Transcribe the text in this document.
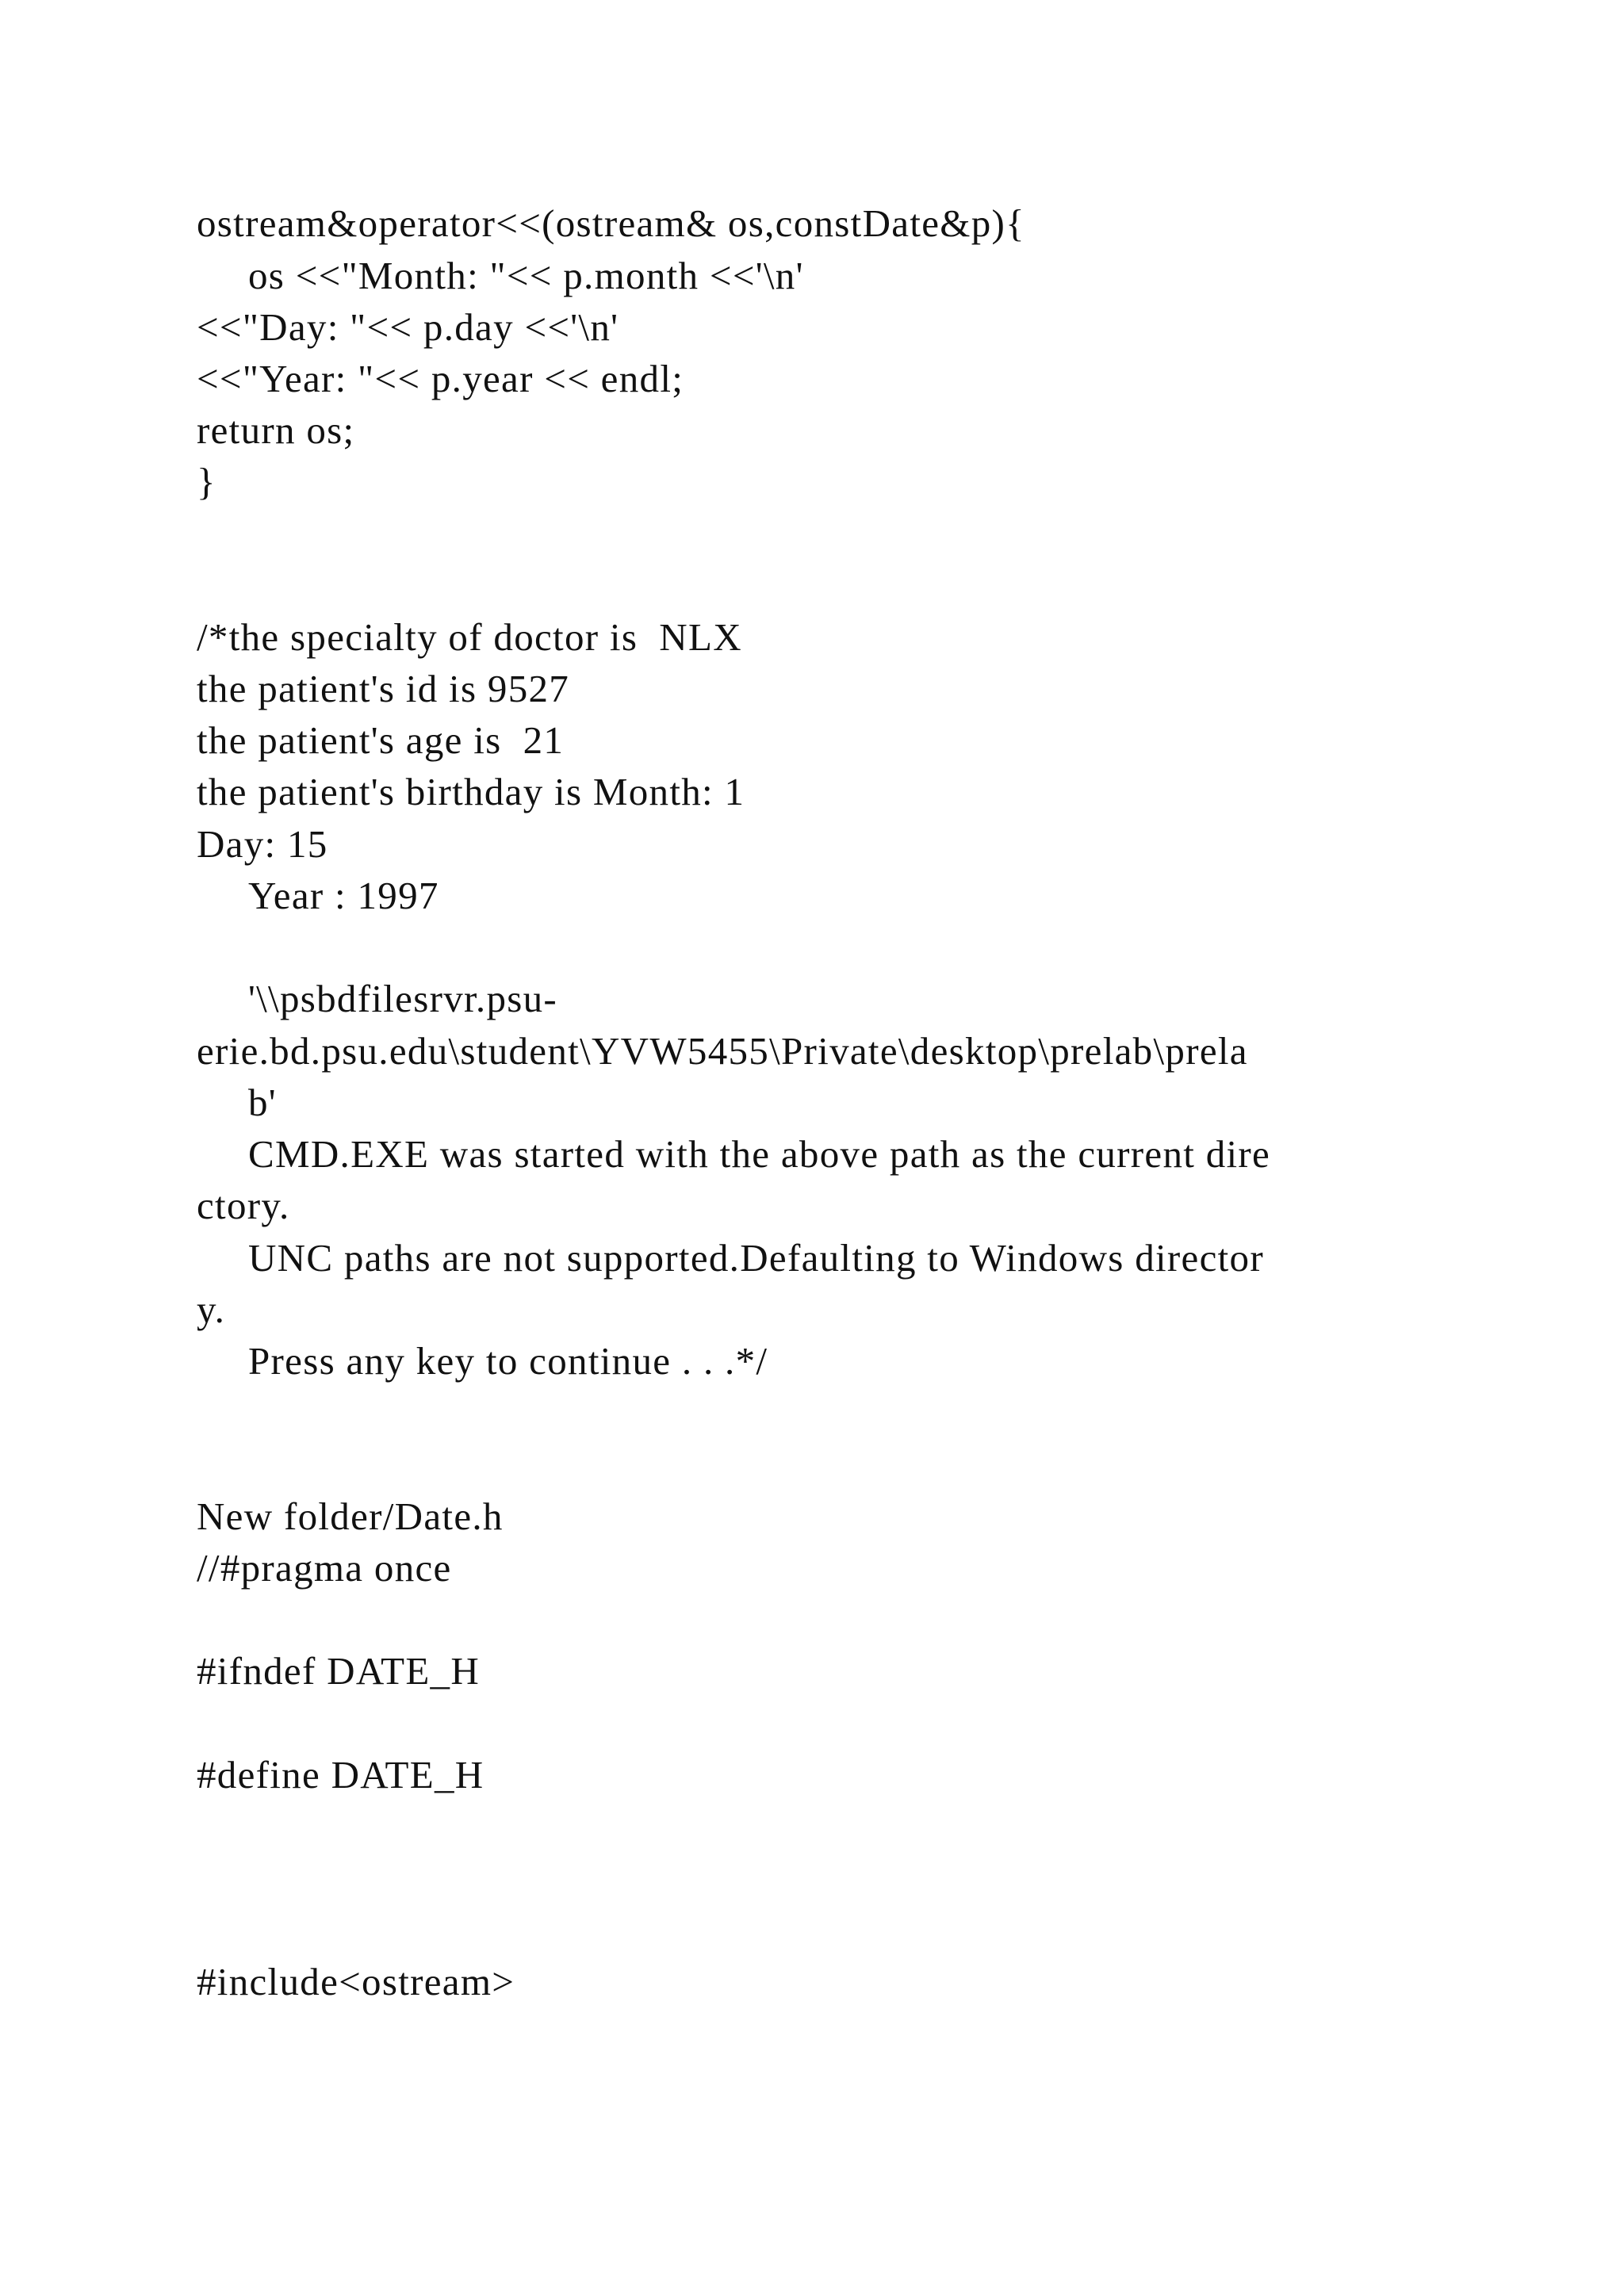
ostream&operator<<(ostream& os,constDate&p){
os <<"Month: "<< p.month <<'\n'
<<"Day: "<< p.day <<'\n'
<<"Year: "<< p.year << endl;
return os;
}
/*the specialty of doctor is  NLX
the patient's id is 9527
the patient's age is  21
the patient's birthday is Month: 1
Day: 15
Year : 1997
'\\psbdfilesrvr.psu-
erie.bd.psu.edu\student\YVW5455\Private\desktop\prelab\prela
b'
CMD.EXE was started with the above path as the current dire
ctory.
UNC paths are not supported.Defaulting to Windows director
y.
Press any key to continue . . .*/
New folder/Date.h
//#pragma once
#ifndef DATE_H
#define DATE_H
#include<ostream>
